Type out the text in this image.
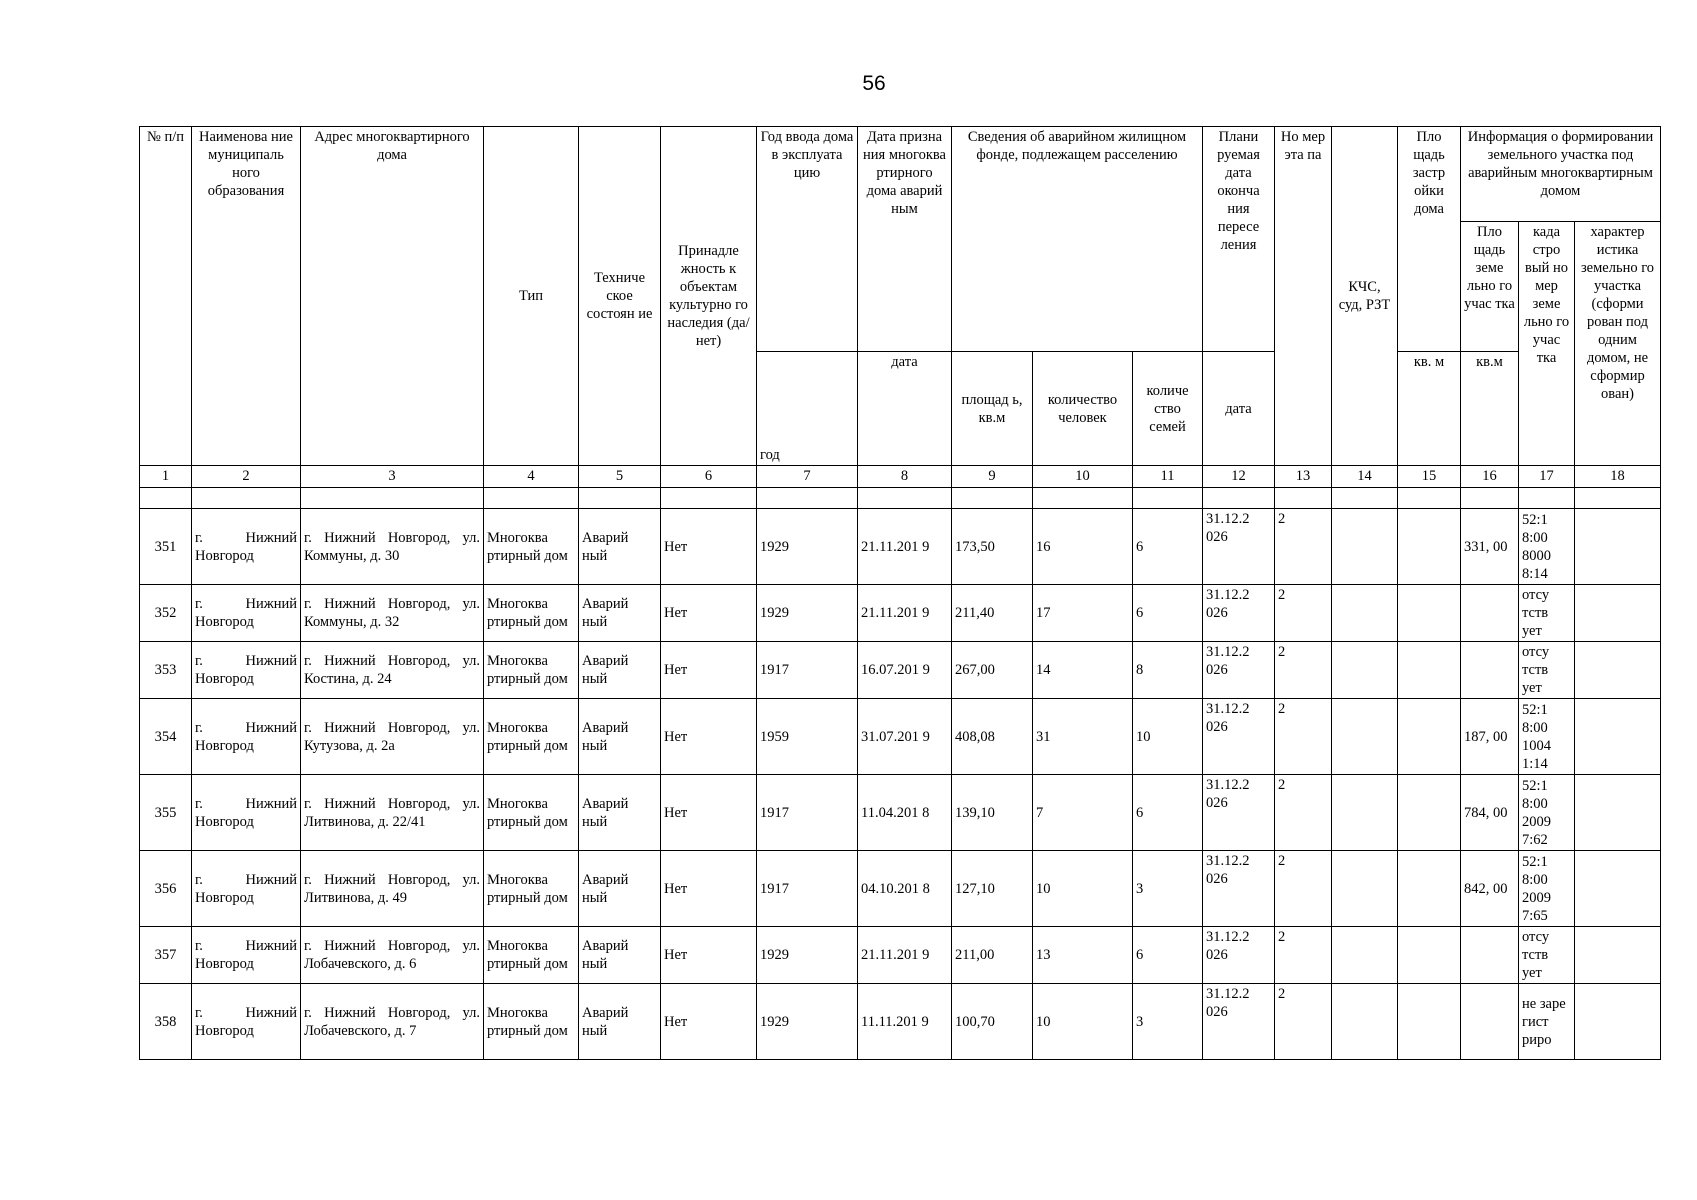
56
№ п/п	Наименова ние муниципаль ного образования	Адрес многоквартирного дома	Тип	Техниче ское состоян ие	Принадле жность к объектам культурно го наследия (да/нет)	Год ввода дома в эксплуата цию	Дата призна ния многоква ртирного дома аварий ным	Сведения об аварийном жилищном фонде, подлежащем расселению			Плани руемая дата оконча ния пересе ления	Но мер эта па	КЧС, суд, РЗТ	Пло щадь застр ойки дома	Информация о формировании земельного участка под аварийным многоквартирным домом		
															Пло щадь земе льно го учас тка	када стро вый но мер земе льно го учас тка	характер истика земельно го участка (сформи рован под одним домом, не сформир ован)
						год	дата	площад ь, кв.м	количество человек	количе ство семей	дата			кв. м	кв.м		
1	2	3	4	5	6	7	8	9	10	11	12	13	14	15	16	17	18

351	г. Нижний Новгород	г. Нижний Новгород, ул. Коммуны, д. 30	Многоква ртирный дом	Аварий ный	Нет	1929	21.11.201 9	173,50	16	6	31.12.2 026	2			331, 00	52:1 8:00 8000 8:14	
352	г. Нижний Новгород	г. Нижний Новгород, ул. Коммуны, д. 32	Многоква ртирный дом	Аварий ный	Нет	1929	21.11.201 9	211,40	17	6	31.12.2 026	2				отсу тств ует	
353	г. Нижний Новгород	г. Нижний Новгород, ул. Костина, д. 24	Многоква ртирный дом	Аварий ный	Нет	1917	16.07.201 9	267,00	14	8	31.12.2 026	2				отсу тств ует	
354	г. Нижний Новгород	г. Нижний Новгород, ул. Кутузова, д. 2а	Многоква ртирный дом	Аварий ный	Нет	1959	31.07.201 9	408,08	31	10	31.12.2 026	2			187, 00	52:1 8:00 1004 1:14	
355	г. Нижний Новгород	г. Нижний Новгород, ул. Литвинова, д. 22/41	Многоква ртирный дом	Аварий ный	Нет	1917	11.04.201 8	139,10	7	6	31.12.2 026	2			784, 00	52:1 8:00 2009 7:62	
356	г. Нижний Новгород	г. Нижний Новгород, ул. Литвинова, д. 49	Многоква ртирный дом	Аварий ный	Нет	1917	04.10.201 8	127,10	10	3	31.12.2 026	2			842, 00	52:1 8:00 2009 7:65	
357	г. Нижний Новгород	г. Нижний Новгород, ул. Лобачевского, д. 6	Многоква ртирный дом	Аварий ный	Нет	1929	21.11.201 9	211,00	13	6	31.12.2 026	2				отсу тств ует	
358	г. Нижний Новгород	г. Нижний Новгород, ул. Лобачевского, д. 7	Многоква ртирный дом	Аварий ный	Нет	1929	11.11.201 9	100,70	10	3	31.12.2 026	2				не заре гист риро	
